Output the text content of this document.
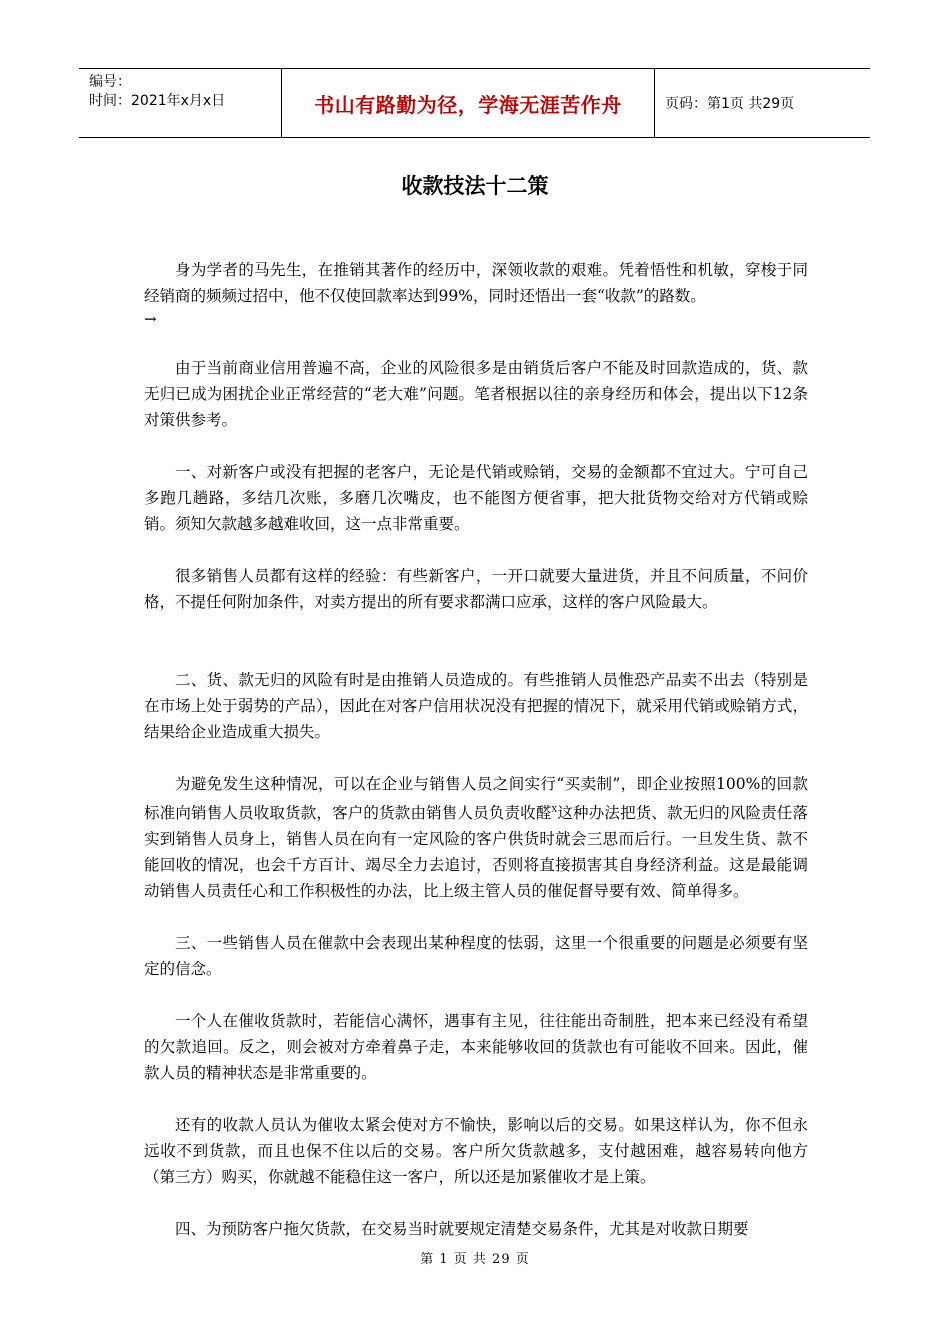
编号：
时间：2021年x月x日	书山有路勤为径，学海无涯苦作舟	页码：第1页 共29页
收款技法十二策

身为学者的马先生，在推销其著作的经历中，深领收款的艰难。凭着悟性和机敏，穿梭于同经销商的频频过招中，他不仅使回款率达到99%，同时还悟出一套“收款”的路数。

→

由于当前商业信用普遍不高，企业的风险很多是由销货后客户不能及时回款造成的，货、款无归已成为困扰企业正常经营的“老大难”问题。笔者根据以往的亲身经历和体会，提出以下12条对策供参考。

一、对新客户或没有把握的老客户，无论是代销或赊销，交易的金额都不宜过大。宁可自己多跑几趟路，多结几次账，多磨几次嘴皮，也不能图方便省事，把大批货物交给对方代销或赊销。须知欠款越多越难收回，这一点非常重要。

很多销售人员都有这样的经验：有些新客户，一开口就要大量进货，并且不问质量，不问价格，不提任何附加条件，对卖方提出的所有要求都满口应承，这样的客户风险最大。

二、货、款无归的风险有时是由推销人员造成的。有些推销人员惟恐产品卖不出去（特别是在市场上处于弱势的产品），因此在对客户信用状况没有把握的情况下，就采用代销或赊销方式，结果给企业造成重大损失。

为避免发生这种情况，可以在企业与销售人员之间实行“买卖制”，即企业按照100%的回款标准向销售人员收取货款，客户的货款由销售人员负责收醛$^X$这种办法把货、款无归的风险责任落实到销售人员身上，销售人员在向有一定风险的客户供货时就会三思而后行。一旦发生货、款不能回收的情况，也会千方百计、竭尽全力去追讨，否则将直接损害其自身经济利益。这是最能调动销售人员责任心和工作积极性的办法，比上级主管人员的催促督导要有效、简单得多。

三、一些销售人员在催款中会表现出某种程度的怯弱，这里一个很重要的问题是必须要有坚定的信念。

一个人在催收货款时，若能信心满怀，遇事有主见，往往能出奇制胜，把本来已经没有希望的欠款追回。反之，则会被对方牵着鼻子走，本来能够收回的货款也有可能收不回来。因此，催款人员的精神状态是非常重要的。

还有的收款人员认为催收太紧会使对方不愉快，影响以后的交易。如果这样认为，你不但永远收不到货款，而且也保不住以后的交易。客户所欠货款越多，支付越困难，越容易转向他方（第三方）购买，你就越不能稳住这一客户，所以还是加紧催收才是上策。

四、为预防客户拖欠货款，在交易当时就要规定清楚交易条件，尤其是对收款日期要

第 1 页 共 29 页
